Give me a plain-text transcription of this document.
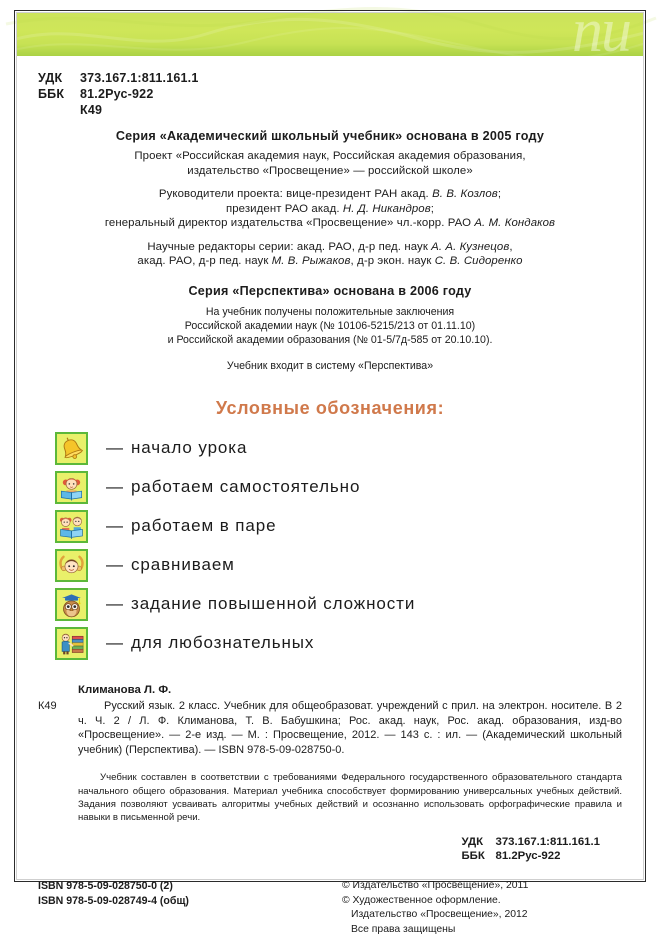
nu
УДК	373.167.1:811.161.1
ББК	81.2Рус-922
К49
Серия «Академический школьный учебник» основана в 2005 году
Проект «Российская академия наук, Российская академия образования,
издательство «Просвещение» — российской школе»
Руководители проекта: вице-президент РАН акад. В. В. Козлов;
президент РАО акад. Н. Д. Никандров;
генеральный директор издательства «Просвещение» чл.-корр. РАО А. М. Кондаков
Научные редакторы серии: акад. РАО, д-р пед. наук А. А. Кузнецов,
акад. РАО, д-р пед. наук М. В. Рыжаков, д-р экон. наук С. В. Сидоренко
Серия «Перспектива» основана в 2006 году
На учебник получены положительные заключения
Российской академии наук (№ 10106-5215/213 от 01.11.10)
и Российской академии образования (№ 01-5/7д-585 от 20.10.10).
Учебник входит в систему «Перспектива»
Условные обозначения:
— начало урока
— работаем самостоятельно
— работаем в паре
— сравниваем
— задание повышенной сложности
— для любознательных
Климанова Л. Ф.
К49	Русский язык. 2 класс. Учебник для общеобразоват. учреждений с прил. на электрон. носителе. В 2 ч. Ч. 2 / Л. Ф. Климанова, Т. В. Бабушкина; Рос. акад. наук, Рос. акад. образования, изд-во «Просвещение». — 2-е изд. — М. : Просвещение, 2012. — 143 с. : ил. — (Академический школьный учебник) (Перспектива). — ISBN 978-5-09-028750-0.
Учебник составлен в соответствии с требованиями Федерального государственного образовательного стандарта начального общего образования. Материал учебника способствует формированию универсальных учебных действий. Задания позволяют усваивать алгоритмы учебных действий и осознанно использовать орфографические правила и навыки в письменной речи.
УДК 373.167.1:811.161.1
ББК 81.2Рус-922
ISBN 978-5-09-028750-0 (2)
ISBN 978-5-09-028749-4 (общ)
© Издательство «Просвещение», 2011
© Художественное оформление.
Издательство «Просвещение», 2012
Все права защищены
